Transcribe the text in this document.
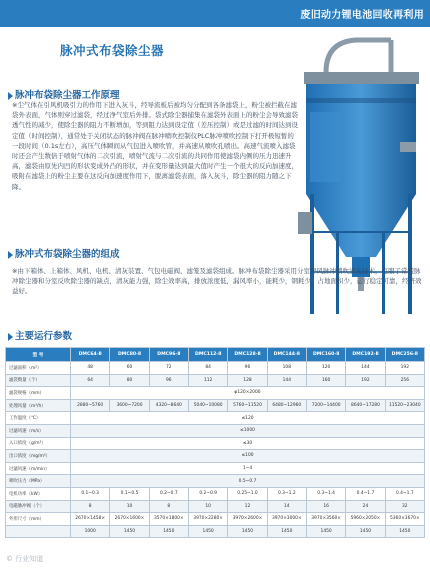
废旧动力锂电池回收再利用
脉冲式布袋除尘器
脉冲布袋除尘器工作原理
※尘气体在引风机吸引力的作用下进入灰斗，经导流板后被均匀分配到各条滤袋上，粉尘被拦截在滤袋外表面，气体则穿过滤袋，经过净气室后外排。袋式除尘器捕集在滤袋外表面上的粉尘会导致滤袋透气性的减少，使除尘器的阻力不断增加，等到阻力达到设定值（差压控制）或是过滤的时间达到设定值（时间控制），通常处于关闭状态的脉冲阀在脉冲喷吹控制仪PLC脉冲喷吹控制下打开极短暂的一段时间（0.1s左右），高压气体瞬间从气包进入喷吹管，并高速从喷吹孔喷出。高速气流喷入滤袋时还会产生数倍于喷射气体的二次引流，喷射气流与二次引流的共同作用使滤袋内侧的压力迅速升高，滤袋由原先内凹的形状变成外凸的形状，并在变形量达到最大值时产生一个很大的反向加速度，吸附在滤袋上的粉尘主要在这反向加速度作用下，脱离滤袋表面，落入灰斗，除尘器的阻力随之下降。
脉冲式布袋除尘器的组成
※由下箱体、上箱体、风机、电机、清灰装置、气包电磁阀、滤笼及滤袋组成。脉冲布袋除尘器采用分室停风脉冲喷吹清灰技术，克服了常规脉冲除尘器和分室反吹除尘器的缺点，清灰能力强，除尘效率高，排放浓度低，漏风率小，能耗少，钢耗少，占地面积少，运行稳定可靠，经济效益好。
主要运行参数
型 号	DMC64-Ⅱ	DMC80-Ⅱ	DMC96-Ⅱ	DMC112-Ⅱ	DMC128-Ⅱ	DMC144-Ⅱ	DMC160-Ⅱ	DMC192-Ⅱ	DMC256-Ⅱ
过滤面积（m²）	48	60	72	84	96	108	120	144	192
滤袋数量（个）	64	80	96	112	128	144	160	192	256
滤袋规格（mm）	φ120×2000								
处理风量（m³/h）	2880~5760	3600~7200	4320~8640	5040~10080	5760~11520	6480~12960	7200~14400	8640~17280	11520~23040
工作温度（℃）	≤120								
过滤风速（m/s）	≤1000								
入口浓度（g/m³）	≤30								
出口浓度（mg/m³）	≤100								
过滤风速（m/min）	1~4								
喷吹压力（MPa）	0.5~0.7								
电机功率（kW）	0.1~0.3	0.1~0.5	0.2~0.7	0.2~0.9	0.25~1.0	0.3~1.2	0.3~1.4	0.4~1.7	0.4~1.7
电磁脉冲阀（个）	8	10	8	10	12	14	16	24	32
外形尺寸（mm）	2670×1458×	2670×1600×	3570×1800×	3970×2280×	3970×2600×	3970×3000×	3970×3560×	5960×2050×	5360×3670×
	1000	1450	1450	1450	1450	1450	1450	1450	1450
© 行业知道
